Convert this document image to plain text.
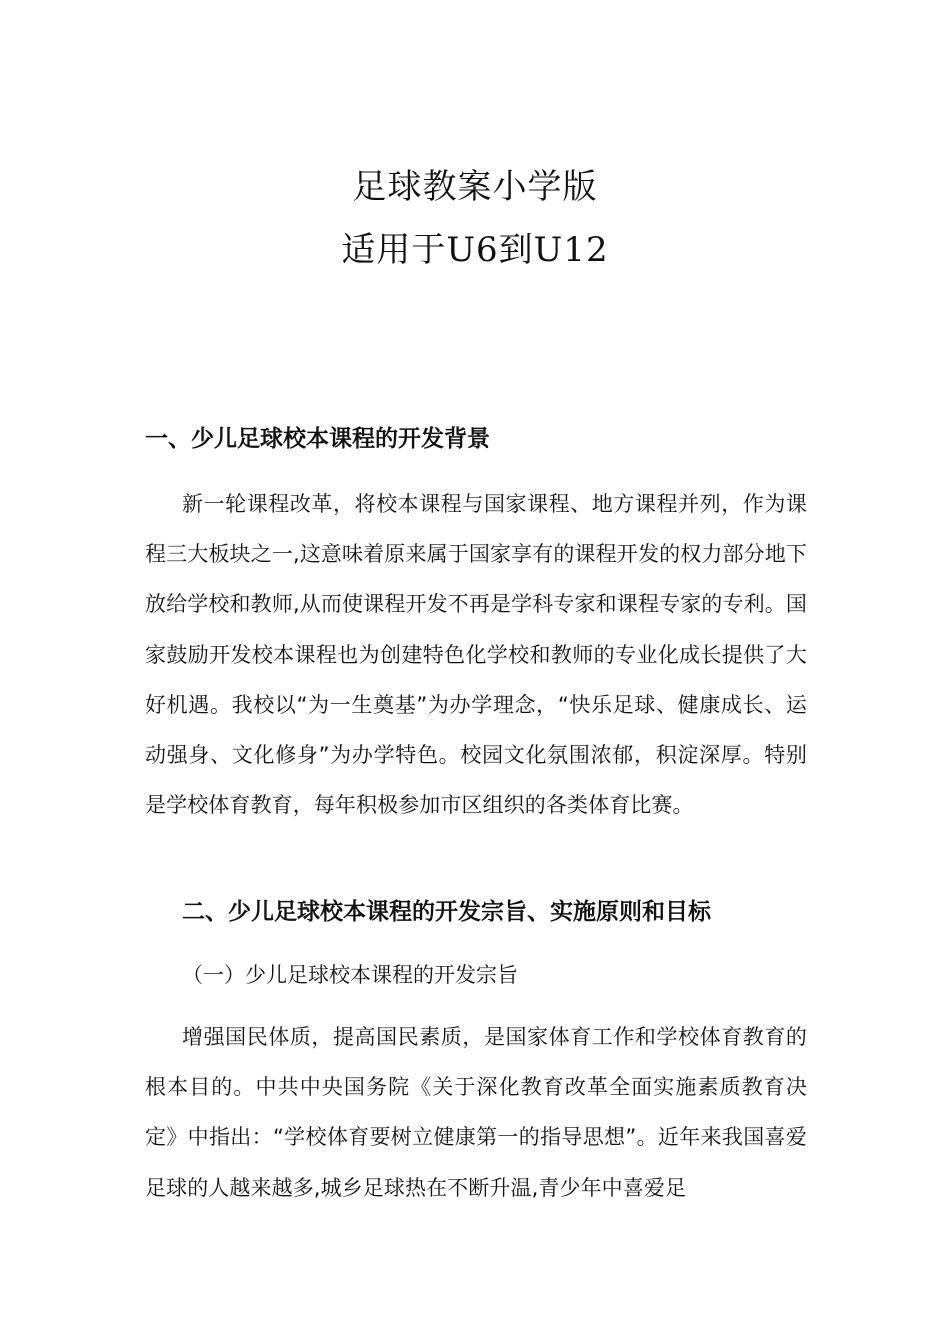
足球教案小学版
适用于U6到U12
一、少儿足球校本课程的开发背景
新一轮课程改革，将校本课程与国家课程、地方课程并列，作为课程三大板块之一,这意味着原来属于国家享有的课程开发的权力部分地下放给学校和教师,从而使课程开发不再是学科专家和课程专家的专利。国家鼓励开发校本课程也为创建特色化学校和教师的专业化成长提供了大好机遇。我校以“为一生奠基”为办学理念，“快乐足球、健康成长、运动强身、文化修身”为办学特色。校园文化氛围浓郁，积淀深厚。特别是学校体育教育，每年积极参加市区组织的各类体育比赛。
二、少儿足球校本课程的开发宗旨、实施原则和目标
（一）少儿足球校本课程的开发宗旨
增强国民体质，提高国民素质，是国家体育工作和学校体育教育的根本目的。中共中央国务院《关于深化教育改革全面实施素质教育决定》中指出：“学校体育要树立健康第一的指导思想”。近年来我国喜爱足球的人越来越多,城乡足球热在不断升温,青少年中喜爱足
